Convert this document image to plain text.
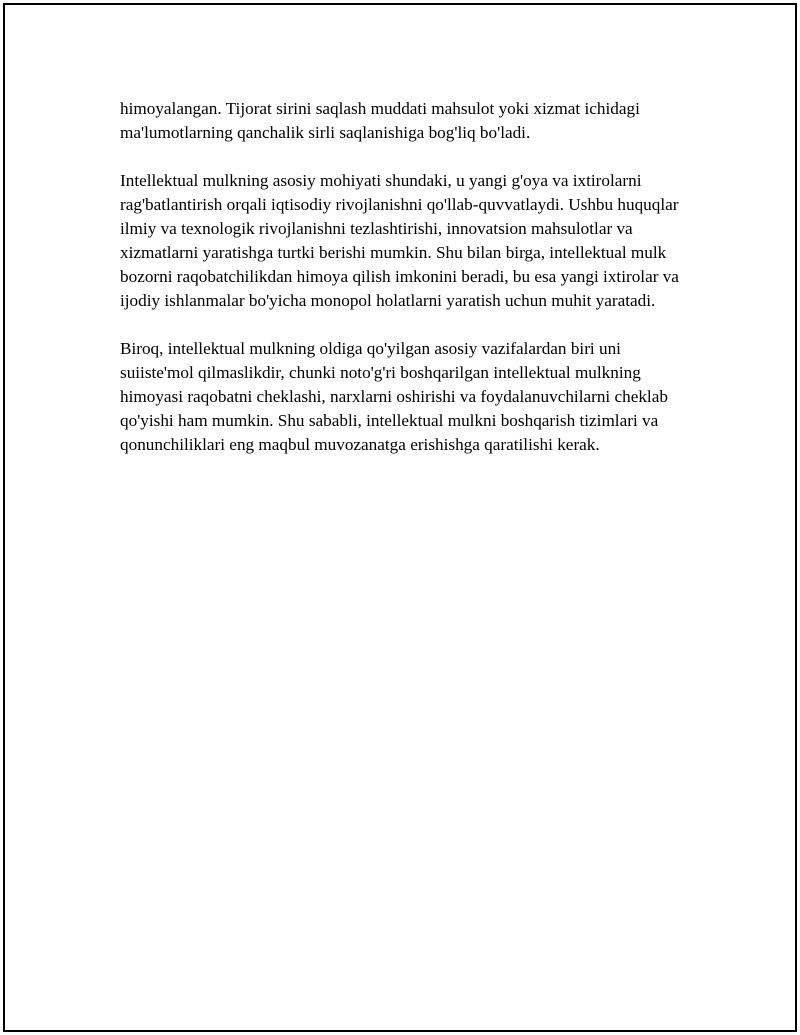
himoyalangan. Tijorat sirini saqlash muddati mahsulot yoki xizmat ichidagi ma'lumotlarning qanchalik sirli saqlanishiga bog'liq bo'ladi.

Intellektual mulkning asosiy mohiyati shundaki, u yangi g'oya va ixtirolarni rag'batlantirish orqali iqtisodiy rivojlanishni qo'llab-quvvatlaydi. Ushbu huquqlar ilmiy va texnologik rivojlanishni tezlashtirishi, innovatsion mahsulotlar va xizmatlarni yaratishga turtki berishi mumkin. Shu bilan birga, intellektual mulk bozorni raqobatchilikdan himoya qilish imkonini beradi, bu esa yangi ixtirolar va ijodiy ishlanmalar bo'yicha monopol holatlarni yaratish uchun muhit yaratadi.

Biroq, intellektual mulkning oldiga qo'yilgan asosiy vazifalardan biri uni suiiste'mol qilmaslikdir, chunki noto'g'ri boshqarilgan intellektual mulkning himoyasi raqobatni cheklashi, narxlarni oshirishi va foydalanuvchilarni cheklab qo'yishi ham mumkin. Shu sababli, intellektual mulkni boshqarish tizimlari va qonunchiliklari eng maqbul muvozanatga erishishga qaratilishi kerak.
